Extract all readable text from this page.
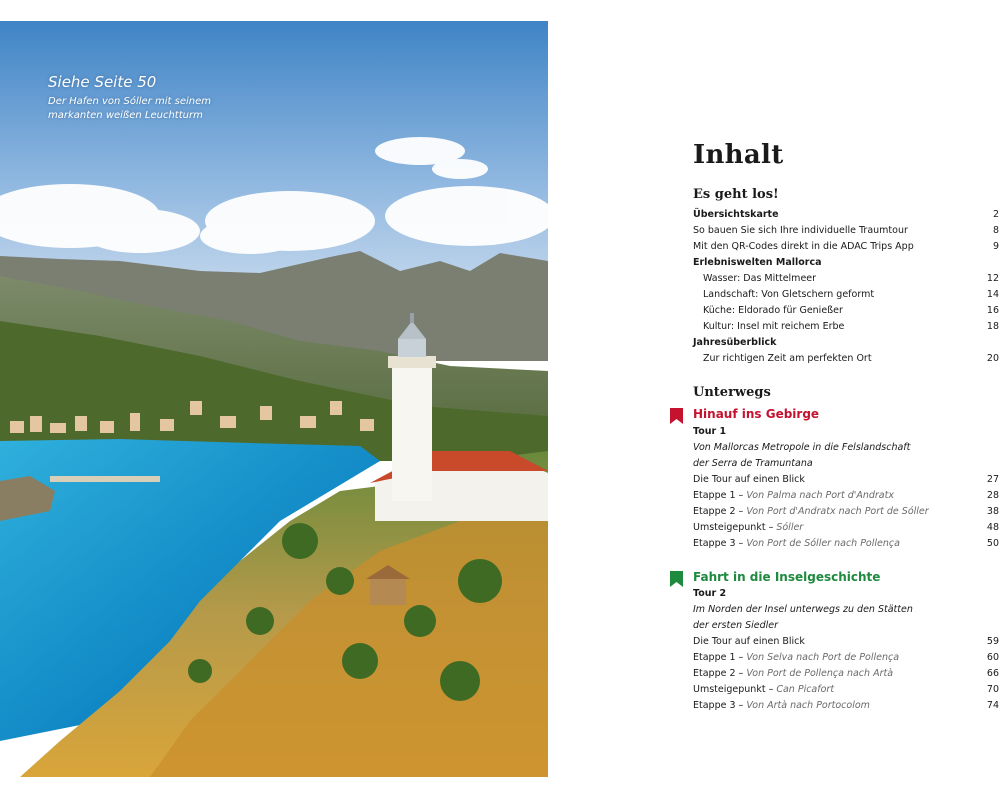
Siehe Seite 50
Der Hafen von Sóller mit seinem
markanten weißen Leuchtturm
Inhalt
Es geht los!
Übersichtskarte	2
So bauen Sie sich Ihre individuelle Traumtour	8
Mit den QR-Codes direkt in die ADAC Trips App	9
Erlebniswelten Mallorca
Wasser: Das Mittelmeer	12
Landschaft: Von Gletschern geformt	14
Küche: Eldorado für Genießer	16
Kultur: Insel mit reichem Erbe	18
Jahresüberblick
Zur richtigen Zeit am perfekten Ort	20
Unterwegs
Hinauf ins Gebirge
Tour 1
Von Mallorcas Metropole in die Felslandschaft
der Serra de Tramuntana
Die Tour auf einen Blick	27
Etappe 1 – Von Palma nach Port d'Andratx	28
Etappe 2 – Von Port d'Andratx nach Port de Sóller	38
Umsteigepunkt – Sóller	48
Etappe 3 – Von Port de Sóller nach Pollença	50
Fahrt in die Inselgeschichte
Tour 2
Im Norden der Insel unterwegs zu den Stätten
der ersten Siedler
Die Tour auf einen Blick	59
Etappe 1 – Von Selva nach Port de Pollença	60
Etappe 2 – Von Port de Pollença nach Artà	66
Umsteigepunkt – Can Picafort	70
Etappe 3 – Von Artà nach Portocolom	74
